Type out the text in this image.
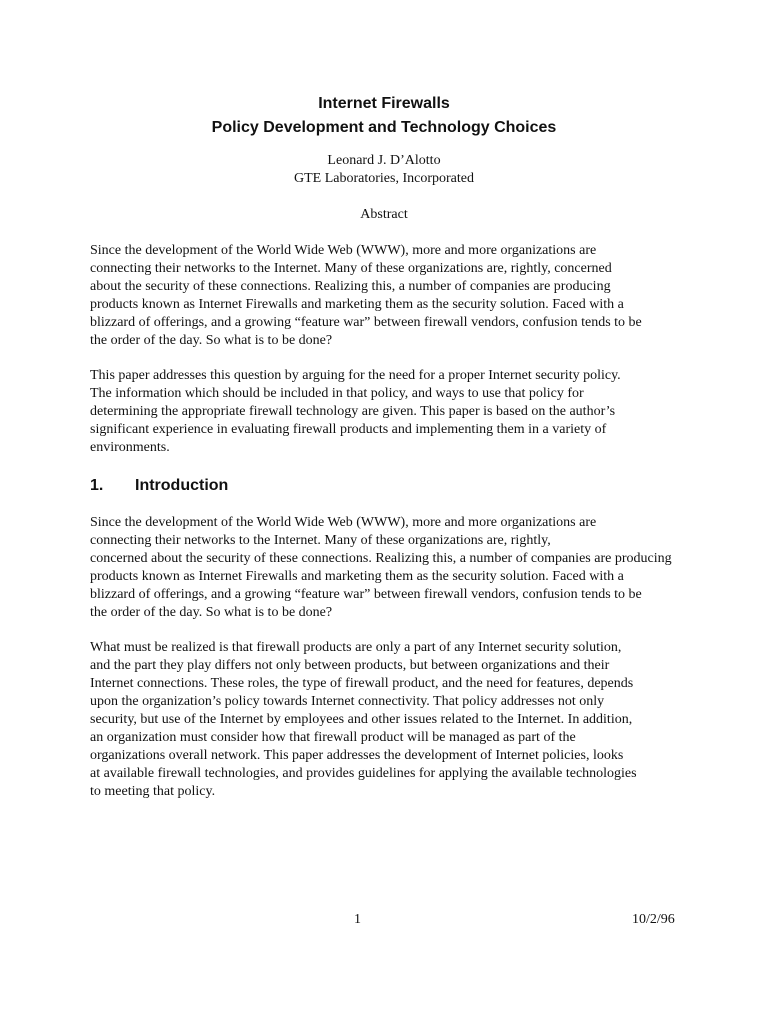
Internet Firewalls
Policy Development and Technology Choices
Leonard J. D’Alotto
GTE Laboratories, Incorporated
Abstract
Since the development of the World Wide Web (WWW), more and more organizations are
connecting their networks to the Internet. Many of these organizations are, rightly, concerned
about the security of these connections. Realizing this, a number of companies are producing
products known as Internet Firewalls and marketing them as the security solution. Faced with a
blizzard of offerings, and a growing “feature war” between firewall vendors, confusion tends to be
the order of the day. So what is to be done?
This paper addresses this question by arguing for the need for a proper Internet security policy.
The information which should be included in that policy, and ways to use that policy for
determining the appropriate firewall technology are given. This paper is based on the author’s
significant experience in evaluating firewall products and implementing them in a variety of
environments.
1. Introduction
Since the development of the World Wide Web (WWW), more and more organizations are
connecting their networks to the Internet. Many of these organizations are, rightly,
concerned about the security of these connections. Realizing this, a number of companies are producing
products known as Internet Firewalls and marketing them as the security solution. Faced with a
blizzard of offerings, and a growing “feature war” between firewall vendors, confusion tends to be
the order of the day. So what is to be done?
What must be realized is that firewall products are only a part of any Internet security solution,
and the part they play differs not only between products, but between organizations and their
Internet connections. These roles, the type of firewall product, and the need for features, depends
upon the organization’s policy towards Internet connectivity. That policy addresses not only
security, but use of the Internet by employees and other issues related to the Internet. In addition,
an organization must consider how that firewall product will be managed as part of the
organizations overall network. This paper addresses the development of Internet policies, looks
at available firewall technologies, and provides guidelines for applying the available technologies
to meeting that policy.
1	10/2/96
